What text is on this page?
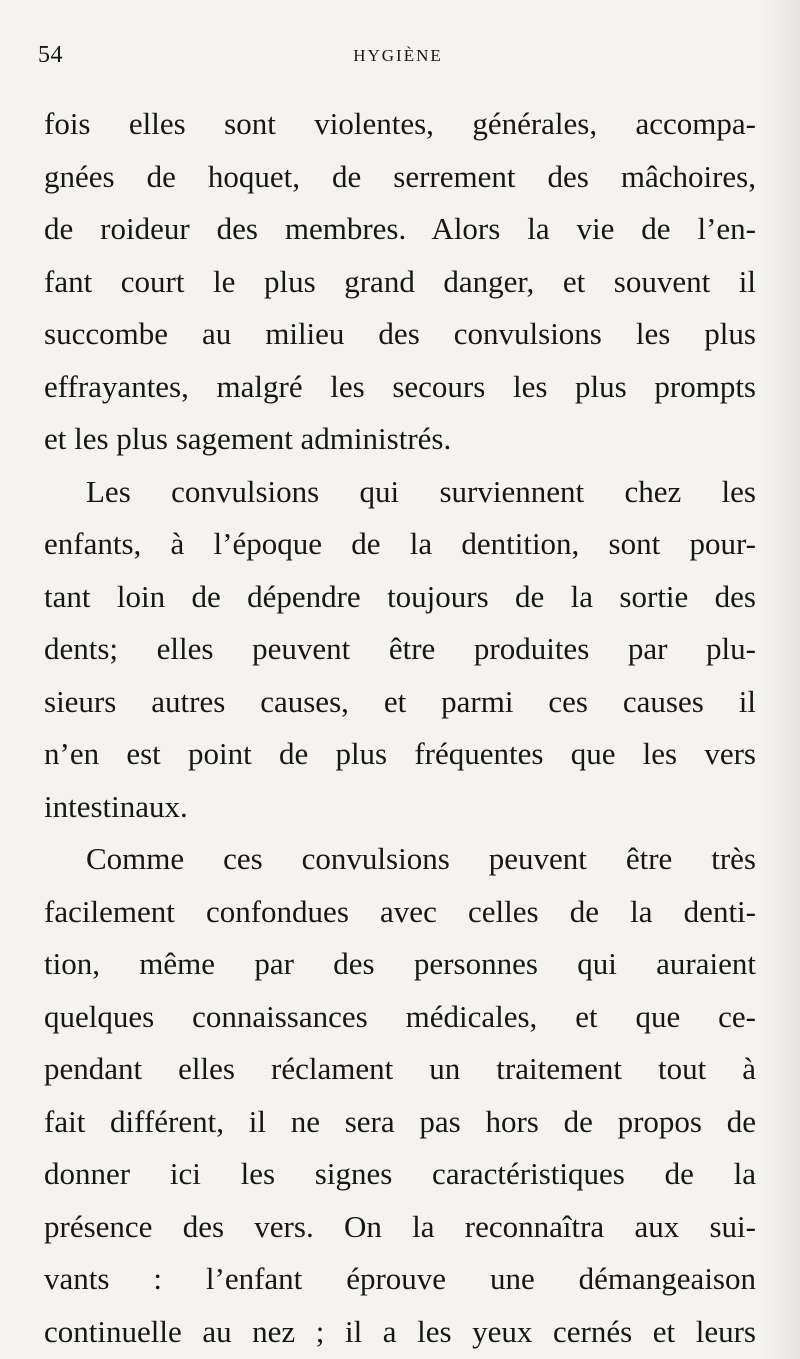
54	HYGIÈNE
fois elles sont violentes, générales, accompa-
gnées de hoquet, de serrement des mâchoires,
de roideur des membres. Alors la vie de l’en-
fant court le plus grand danger, et souvent il
succombe au milieu des convulsions les plus
effrayantes, malgré les secours les plus prompts
et les plus sagement administrés.
Les convulsions qui surviennent chez les
enfants, à l’époque de la dentition, sont pour-
tant loin de dépendre toujours de la sortie des
dents; elles peuvent être produites par plu-
sieurs autres causes, et parmi ces causes il
n’en est point de plus fréquentes que les vers
intestinaux.
Comme ces convulsions peuvent être très
facilement confondues avec celles de la denti-
tion, même par des personnes qui auraient
quelques connaissances médicales, et que ce-
pendant elles réclament un traitement tout à
fait différent, il ne sera pas hors de propos de
donner ici les signes caractéristiques de la
présence des vers. On la reconnaîtra aux sui-
vants : l’enfant éprouve une démangeaison
continuelle au nez ; il a les yeux cernés et leurs
